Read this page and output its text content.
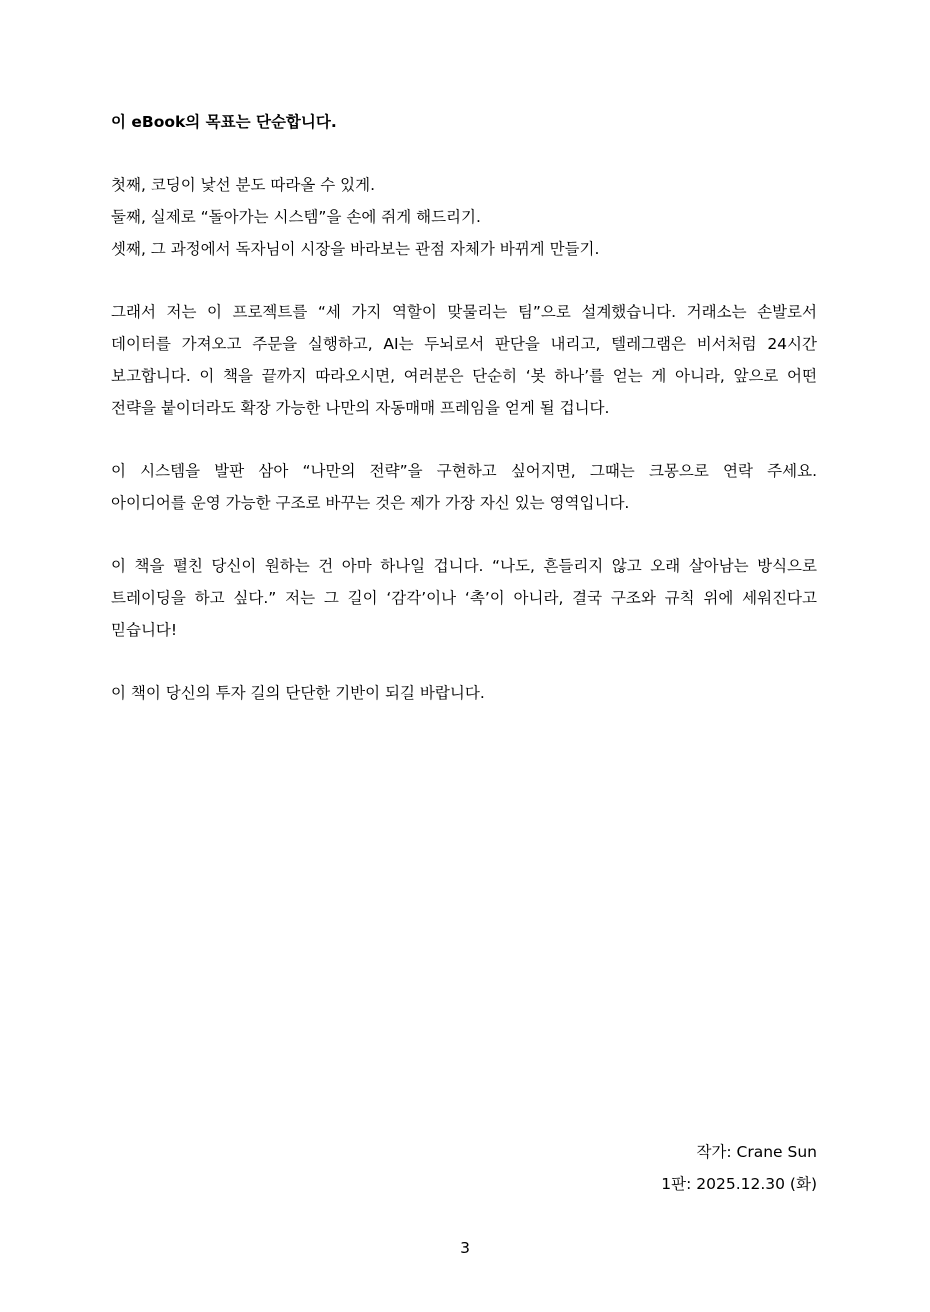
이 eBook의 목표는 단순합니다.
첫째, 코딩이 낯선 분도 따라올 수 있게.
둘째, 실제로 “돌아가는 시스템”을 손에 쥐게 해드리기.
셋째, 그 과정에서 독자님이 시장을 바라보는 관점 자체가 바뀌게 만들기.
그래서 저는 이 프로젝트를 “세 가지 역할이 맞물리는 팀”으로 설계했습니다. 거래소는 손발로서
데이터를 가져오고 주문을 실행하고, AI는 두뇌로서 판단을 내리고, 텔레그램은 비서처럼 24시간
보고합니다. 이 책을 끝까지 따라오시면, 여러분은 단순히 ‘봇 하나’를 얻는 게 아니라, 앞으로 어떤
전략을 붙이더라도 확장 가능한 나만의 자동매매 프레임을 얻게 될 겁니다.
이 시스템을 발판 삼아 “나만의 전략”을 구현하고 싶어지면, 그때는 크몽으로 연락 주세요.
아이디어를 운영 가능한 구조로 바꾸는 것은 제가 가장 자신 있는 영역입니다.
이 책을 펼친 당신이 원하는 건 아마 하나일 겁니다. “나도, 흔들리지 않고 오래 살아남는 방식으로
트레이딩을 하고 싶다.” 저는 그 길이 ‘감각’이나 ‘촉’이 아니라, 결국 구조와 규칙 위에 세워진다고
믿습니다!
이 책이 당신의 투자 길의 단단한 기반이 되길 바랍니다.
작가: Crane Sun
1판: 2025.12.30 (화)
3
